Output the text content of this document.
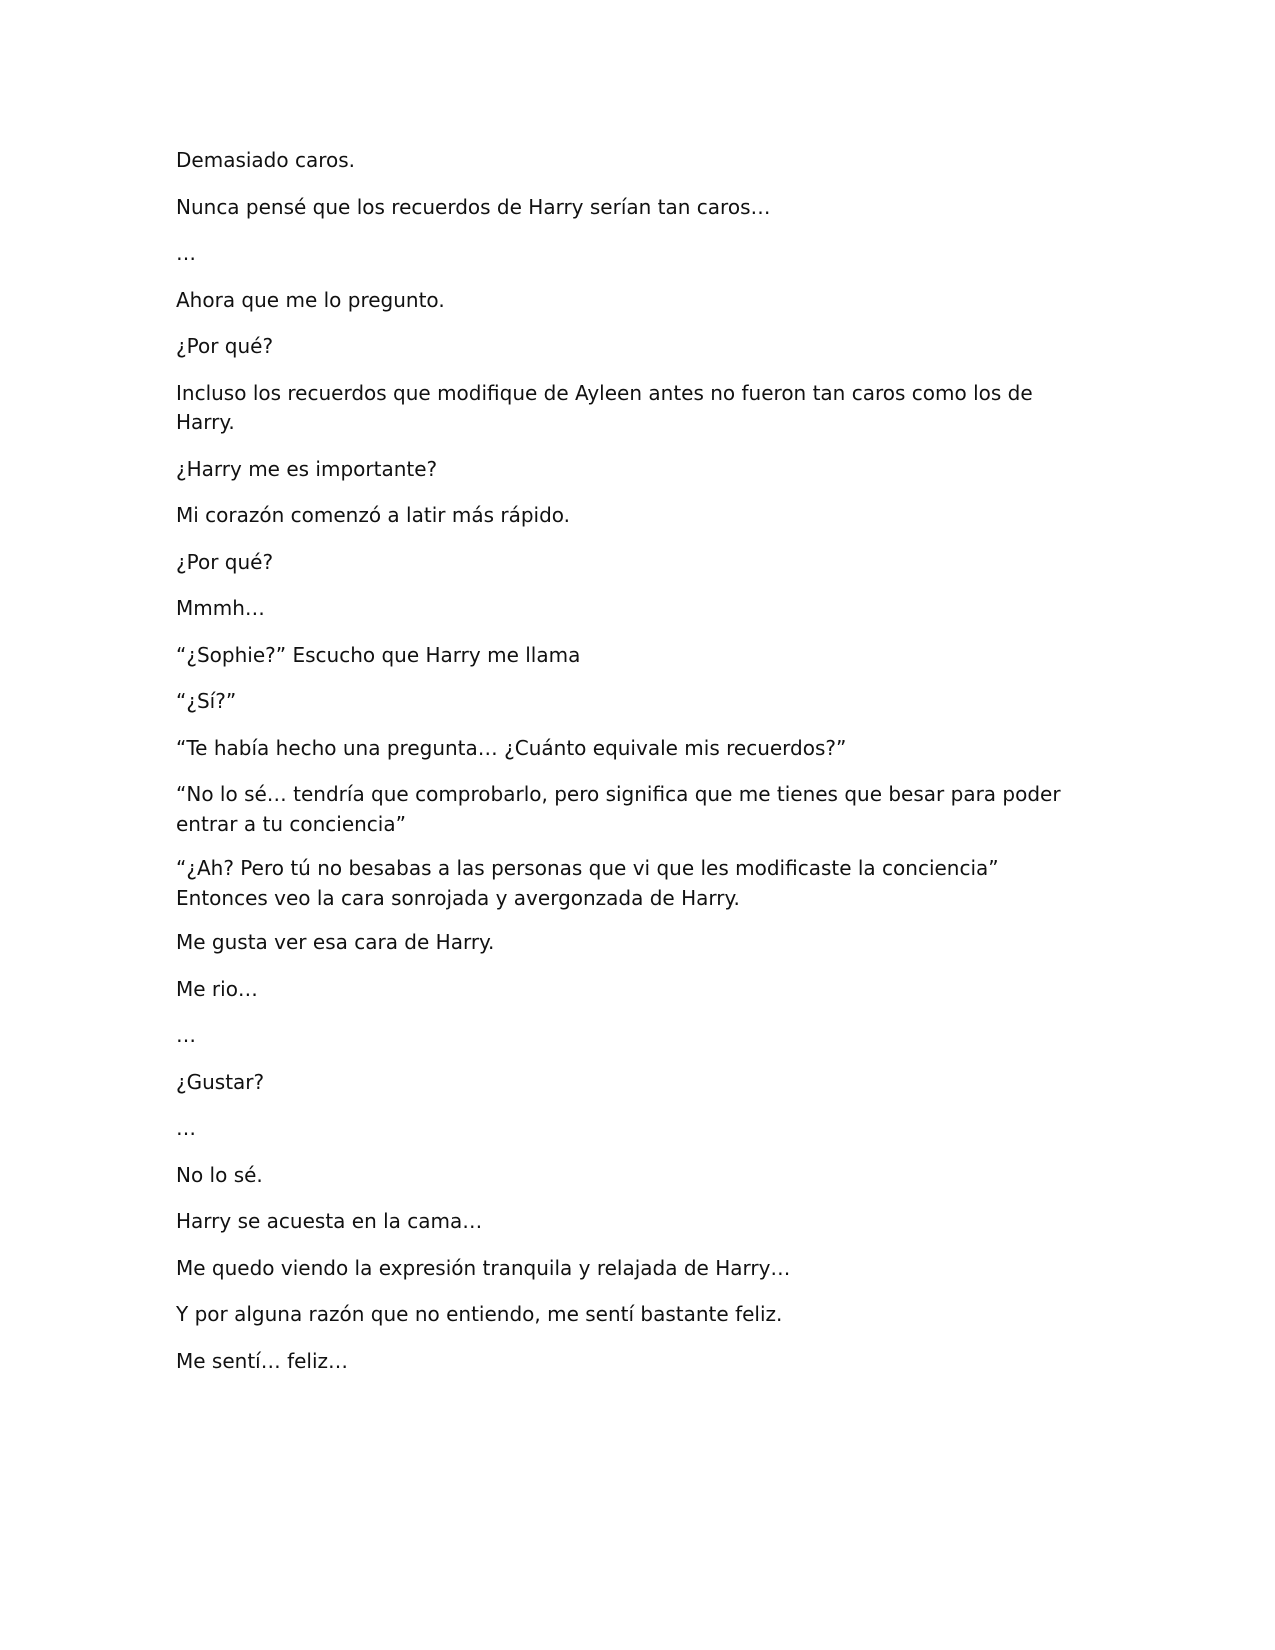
Demasiado caros.

Nunca pensé que los recuerdos de Harry serían tan caros…

…

Ahora que me lo pregunto.

¿Por qué?

Incluso los recuerdos que modifique de Ayleen antes no fueron tan caros como los de Harry.

¿Harry me es importante?

Mi corazón comenzó a latir más rápido.

¿Por qué?

Mmmh…

“¿Sophie?” Escucho que Harry me llama

“¿Sí?”

“Te había hecho una pregunta… ¿Cuánto equivale mis recuerdos?”

“No lo sé… tendría que comprobarlo, pero significa que me tienes que besar para poder entrar a tu conciencia”

“¿Ah? Pero tú no besabas a las personas que vi que les modificaste la conciencia” Entonces veo la cara sonrojada y avergonzada de Harry.

Me gusta ver esa cara de Harry.

Me rio…

…

¿Gustar?

…

No lo sé.

Harry se acuesta en la cama…

Me quedo viendo la expresión tranquila y relajada de Harry…

Y por alguna razón que no entiendo, me sentí bastante feliz.

Me sentí… feliz…
